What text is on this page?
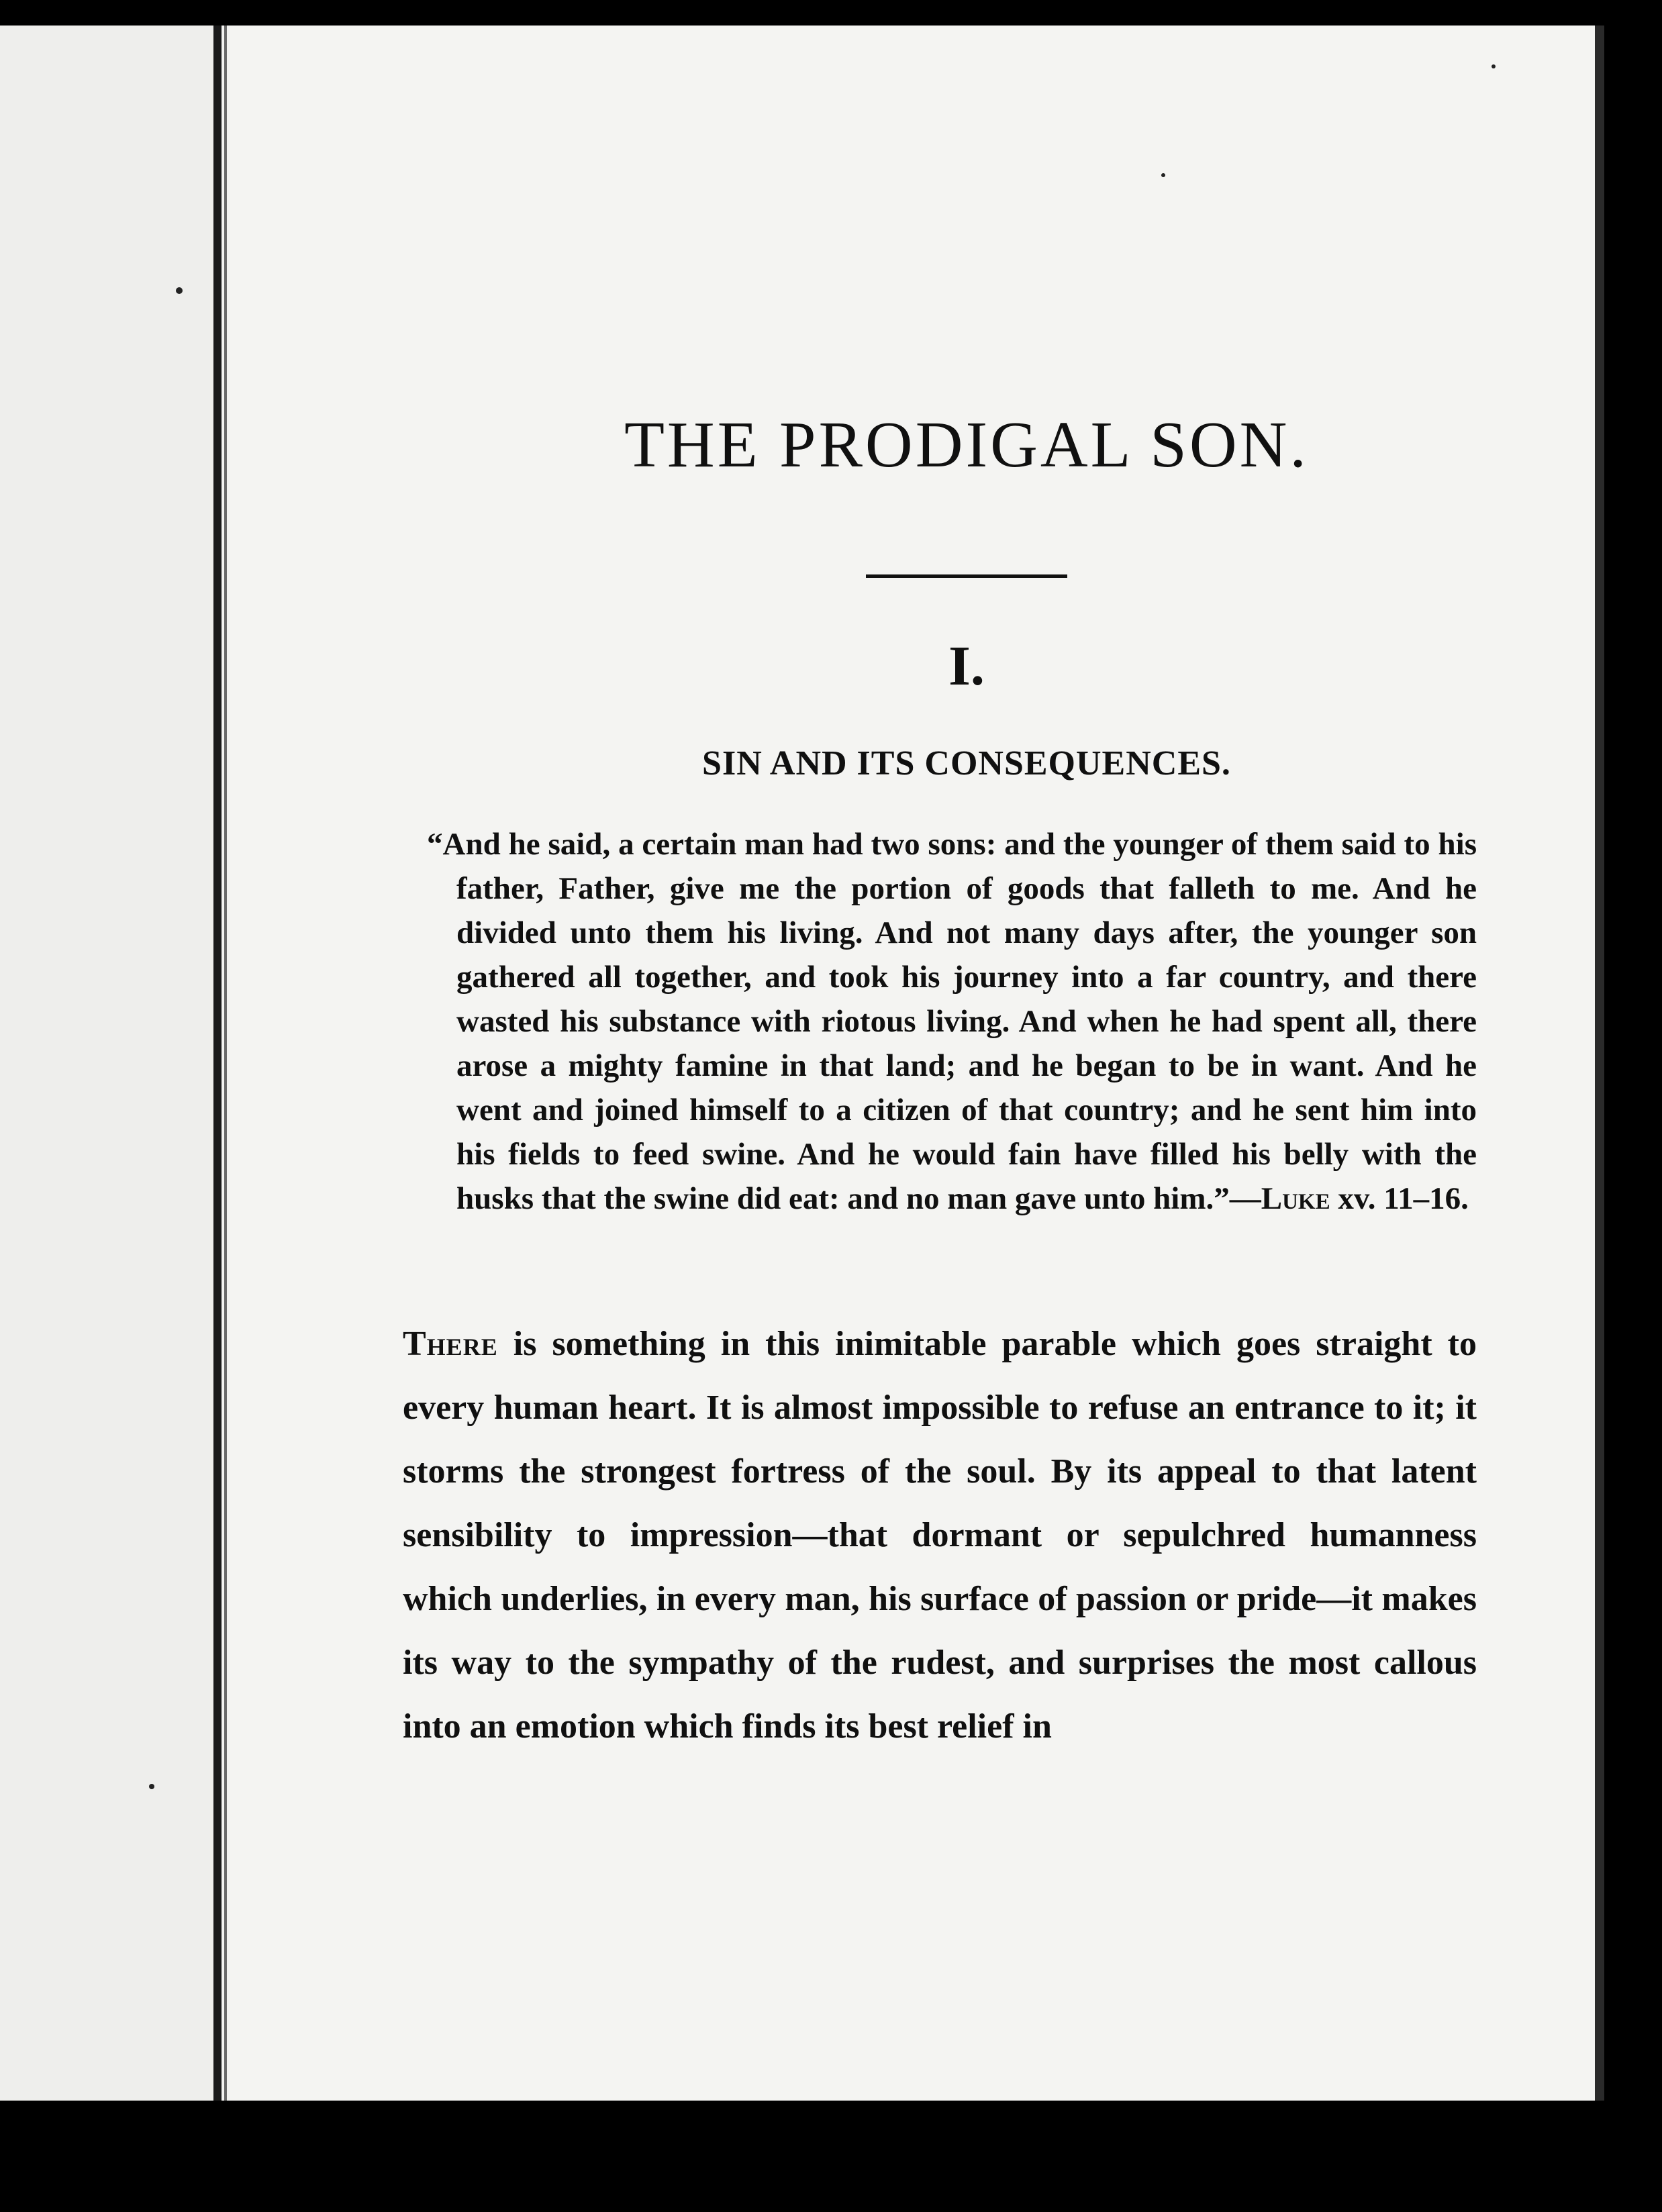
THE PRODIGAL SON.
I.
SIN AND ITS CONSEQUENCES.

“And he said, a certain man had two sons: and the younger of them said to his father, Father, give me the portion of goods that falleth to me. And he divided unto them his living. And not many days after, the younger son gathered all together, and took his journey into a far country, and there wasted his substance with riotous living. And when he had spent all, there arose a mighty famine in that land; and he began to be in want. And he went and joined himself to a citizen of that country; and he sent him into his fields to feed swine. And he would fain have filled his belly with the husks that the swine did eat: and no man gave unto him.”—Luke xv. 11–16.

There is something in this inimitable parable which goes straight to every human heart. It is almost impossible to refuse an entrance to it; it storms the strongest fortress of the soul. By its appeal to that latent sensibility to impression—that dormant or sepulchred humanness which underlies, in every man, his surface of passion or pride—it makes its way to the sympathy of the rudest, and surprises the most callous into an emotion which finds its best relief in
